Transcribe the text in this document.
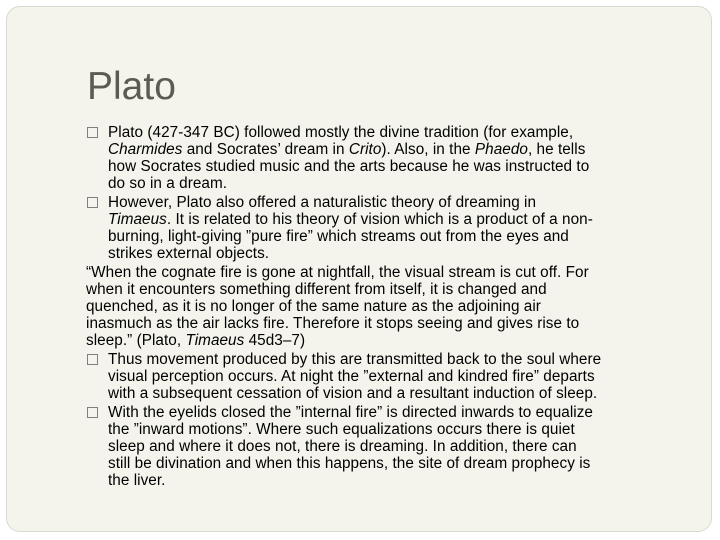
Plato
Plato (427-347 BC) followed mostly the divine tradition (for example,
Charmides and Socrates’ dream in Crito). Also, in the Phaedo, he tells
how Socrates studied music and the arts because he was instructed to
do so in a dream.
However, Plato also offered a naturalistic theory of dreaming in
Timaeus. It is related to his theory of vision which is a product of a non-
burning, light-giving ”pure fire” which streams out from the eyes and
strikes external objects.
“When the cognate fire is gone at nightfall, the visual stream is cut off. For
when it encounters something different from itself, it is changed and
quenched, as it is no longer of the same nature as the adjoining air
inasmuch as the air lacks fire. Therefore it stops seeing and gives rise to
sleep.” (Plato, Timaeus 45d3–7)
Thus movement produced by this are transmitted back to the soul where
visual perception occurs. At night the ”external and kindred fire” departs
with a subsequent cessation of vision and a resultant induction of sleep.
With the eyelids closed the ”internal fire” is directed inwards to equalize
the ”inward motions”. Where such equalizations occurs there is quiet
sleep and where it does not, there is dreaming. In addition, there can
still be divination and when this happens, the site of dream prophecy is
the liver.
